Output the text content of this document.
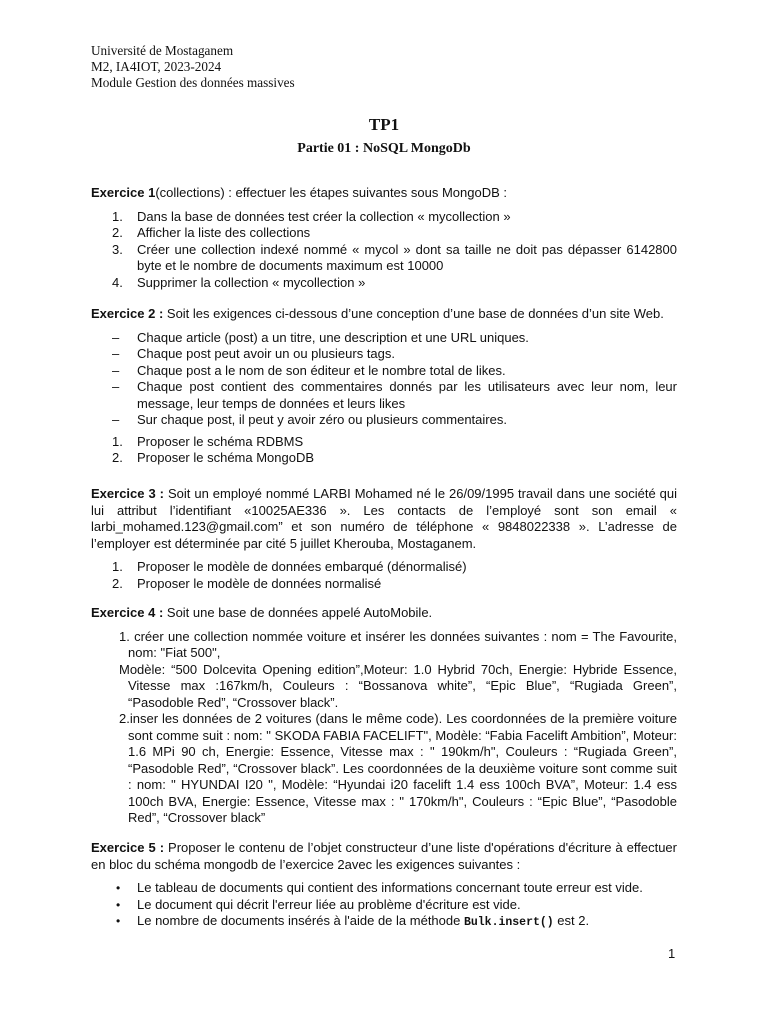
Université de Mostaganem
M2, IA4IOT, 2023-2024
Module Gestion des données massives
TP1
Partie 01 : NoSQL MongoDb
Exercice 1(collections) : effectuer les étapes suivantes sous MongoDB :
1. Dans la base de données test créer la collection « mycollection »
2. Afficher la liste des collections
3. Créer une collection indexé nommé « mycol » dont sa taille ne doit pas dépasser 6142800 byte et le nombre de documents maximum est 10000
4. Supprimer la collection « mycollection »
Exercice 2 : Soit les exigences ci-dessous d’une conception d’une base de données d’un site Web.
– Chaque article (post) a un titre, une description et une URL uniques.
– Chaque post peut avoir un ou plusieurs tags.
– Chaque post a le nom de son éditeur et le nombre total de likes.
– Chaque post contient des commentaires donnés par les utilisateurs avec leur nom, leur message, leur temps de données et leurs likes
– Sur chaque post, il peut y avoir zéro ou plusieurs commentaires.
1. Proposer le schéma RDBMS
2. Proposer le schéma MongoDB
Exercice 3 : Soit un employé nommé LARBI Mohamed né le 26/09/1995 travail dans une société qui lui attribut l’identifiant «10025AE336 ». Les contacts de l’employé sont son email « larbi_mohamed.123@gmail.com” et son numéro de téléphone « 9848022338 ». L’adresse de l’employer est déterminée par cité 5 juillet Kherouba, Mostaganem.
1. Proposer le modèle de données embarqué (dénormalisé)
2. Proposer le modèle de données normalisé
Exercice 4 : Soit une base de données appelé AutoMobile.
1. créer une collection nommée voiture et insérer les données suivantes : nom = The Favourite, nom: "Fiat 500",
Modèle: “500 Dolcevita Opening edition”,Moteur: 1.0 Hybrid 70ch, Energie: Hybride Essence, Vitesse max :167km/h, Couleurs : “Bossanova white”, “Epic Blue”, “Rugiada Green”, “Pasodoble Red”, “Crossover black”.
2.inser les données de 2 voitures (dans le même code). Les coordonnées de la première voiture sont comme suit : nom: " SKODA FABIA FACELIFT", Modèle: “Fabia Facelift Ambition”, Moteur: 1.6 MPi 90 ch, Energie: Essence, Vitesse max : " 190km/h", Couleurs : “Rugiada Green”, “Pasodoble Red”, “Crossover black”. Les coordonnées de la deuxième voiture sont comme suit : nom: " HYUNDAI I20 ", Modèle: “Hyundai i20 facelift 1.4 ess 100ch BVA”, Moteur: 1.4 ess 100ch BVA, Energie: Essence, Vitesse max : " 170km/h", Couleurs : “Epic Blue”, “Pasodoble Red”, “Crossover black”
Exercice 5 : Proposer le contenu de l’objet constructeur d’une liste d'opérations d'écriture à effectuer en bloc du schéma mongodb de l’exercice 2avec les exigences suivantes :
• Le tableau de documents qui contient des informations concernant toute erreur est vide.
• Le document qui décrit l'erreur liée au problème d'écriture est vide.
• Le nombre de documents insérés à l'aide de la méthode Bulk.insert() est 2.
1
